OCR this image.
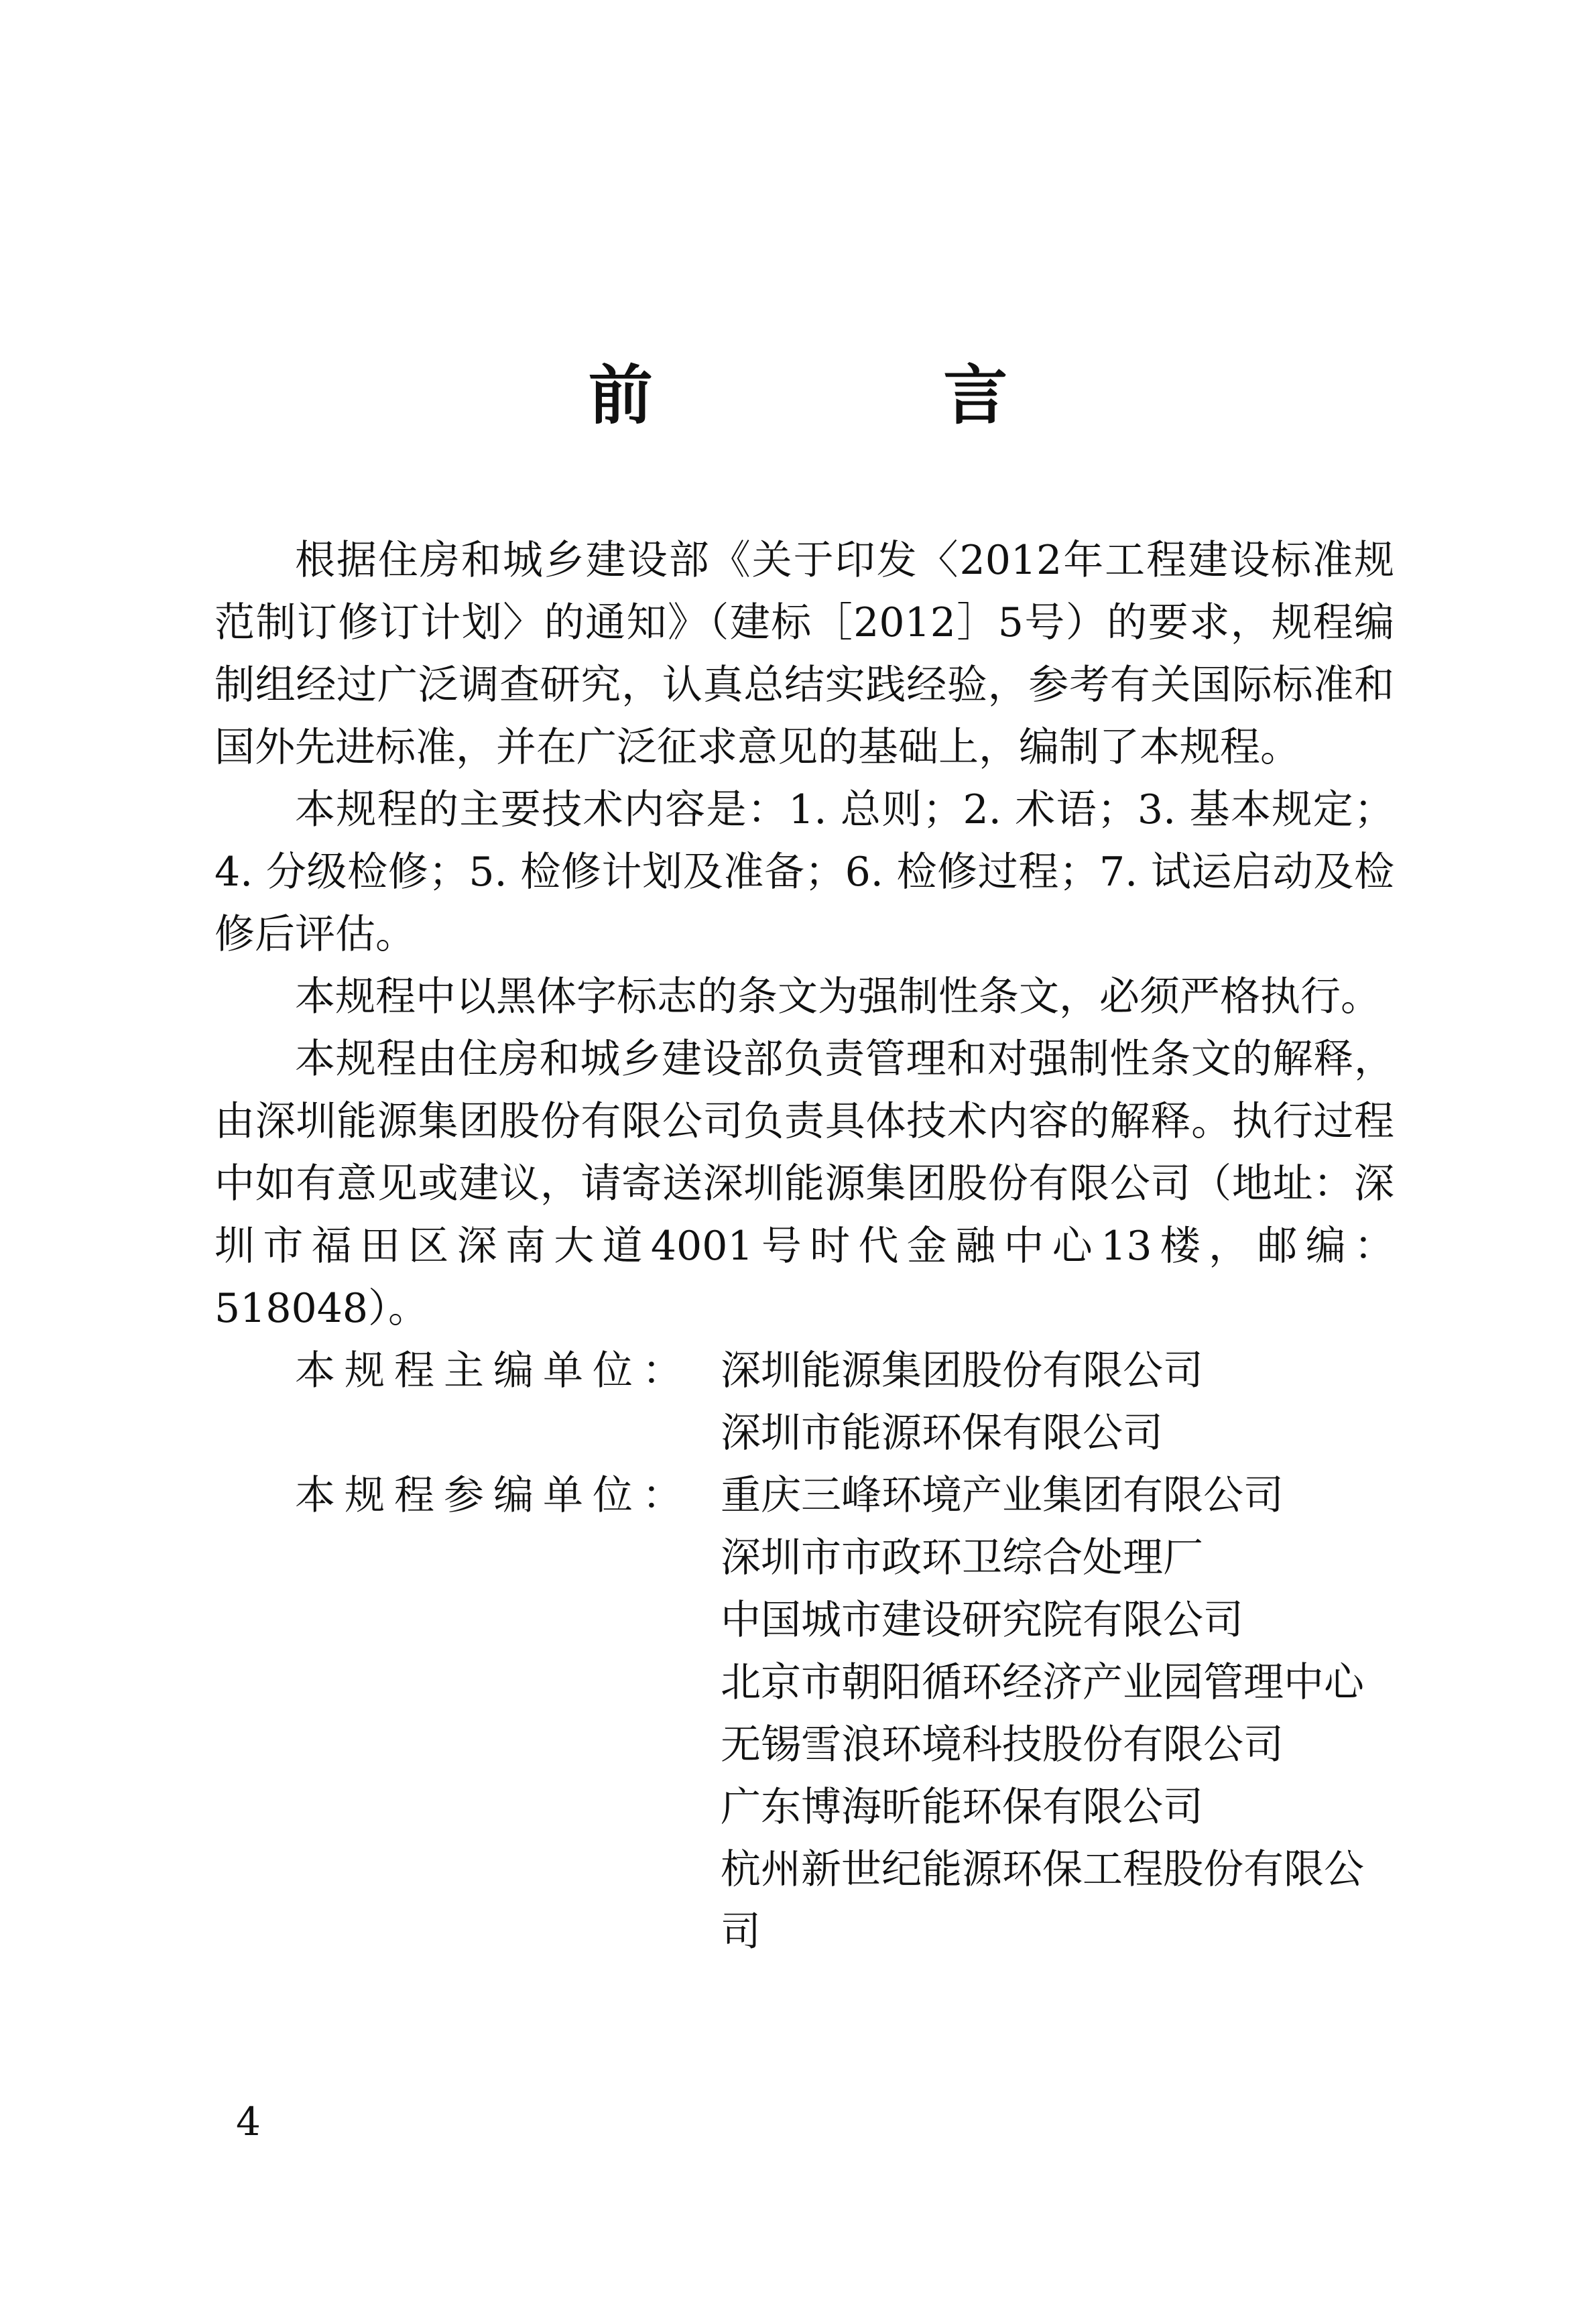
前 言

根据住房和城乡建设部《关于印发〈2012年工程建设标准规范制订修订计划〉的通知》（建标［2012］5号）的要求，规程编制组经过广泛调查研究，认真总结实践经验，参考有关国际标准和国外先进标准，并在广泛征求意见的基础上，编制了本规程。

本规程的主要技术内容是：1. 总则；2. 术语；3. 基本规定；4. 分级检修；5. 检修计划及准备；6. 检修过程；7. 试运启动及检修后评估。

本规程中以黑体字标志的条文为强制性条文，必须严格执行。

本规程由住房和城乡建设部负责管理和对强制性条文的解释，由深圳能源集团股份有限公司负责具体技术内容的解释。执行过程中如有意见或建议，请寄送深圳能源集团股份有限公司（地址：深圳市福田区深南大道4001号时代金融中心13楼，邮编：518048）。

本规程主编单位： 深圳能源集团股份有限公司
深圳市能源环保有限公司
本规程参编单位： 重庆三峰环境产业集团有限公司
深圳市市政环卫综合处理厂
中国城市建设研究院有限公司
北京市朝阳循环经济产业园管理中心
无锡雪浪环境科技股份有限公司
广东博海昕能环保有限公司
杭州新世纪能源环保工程股份有限公司
4
